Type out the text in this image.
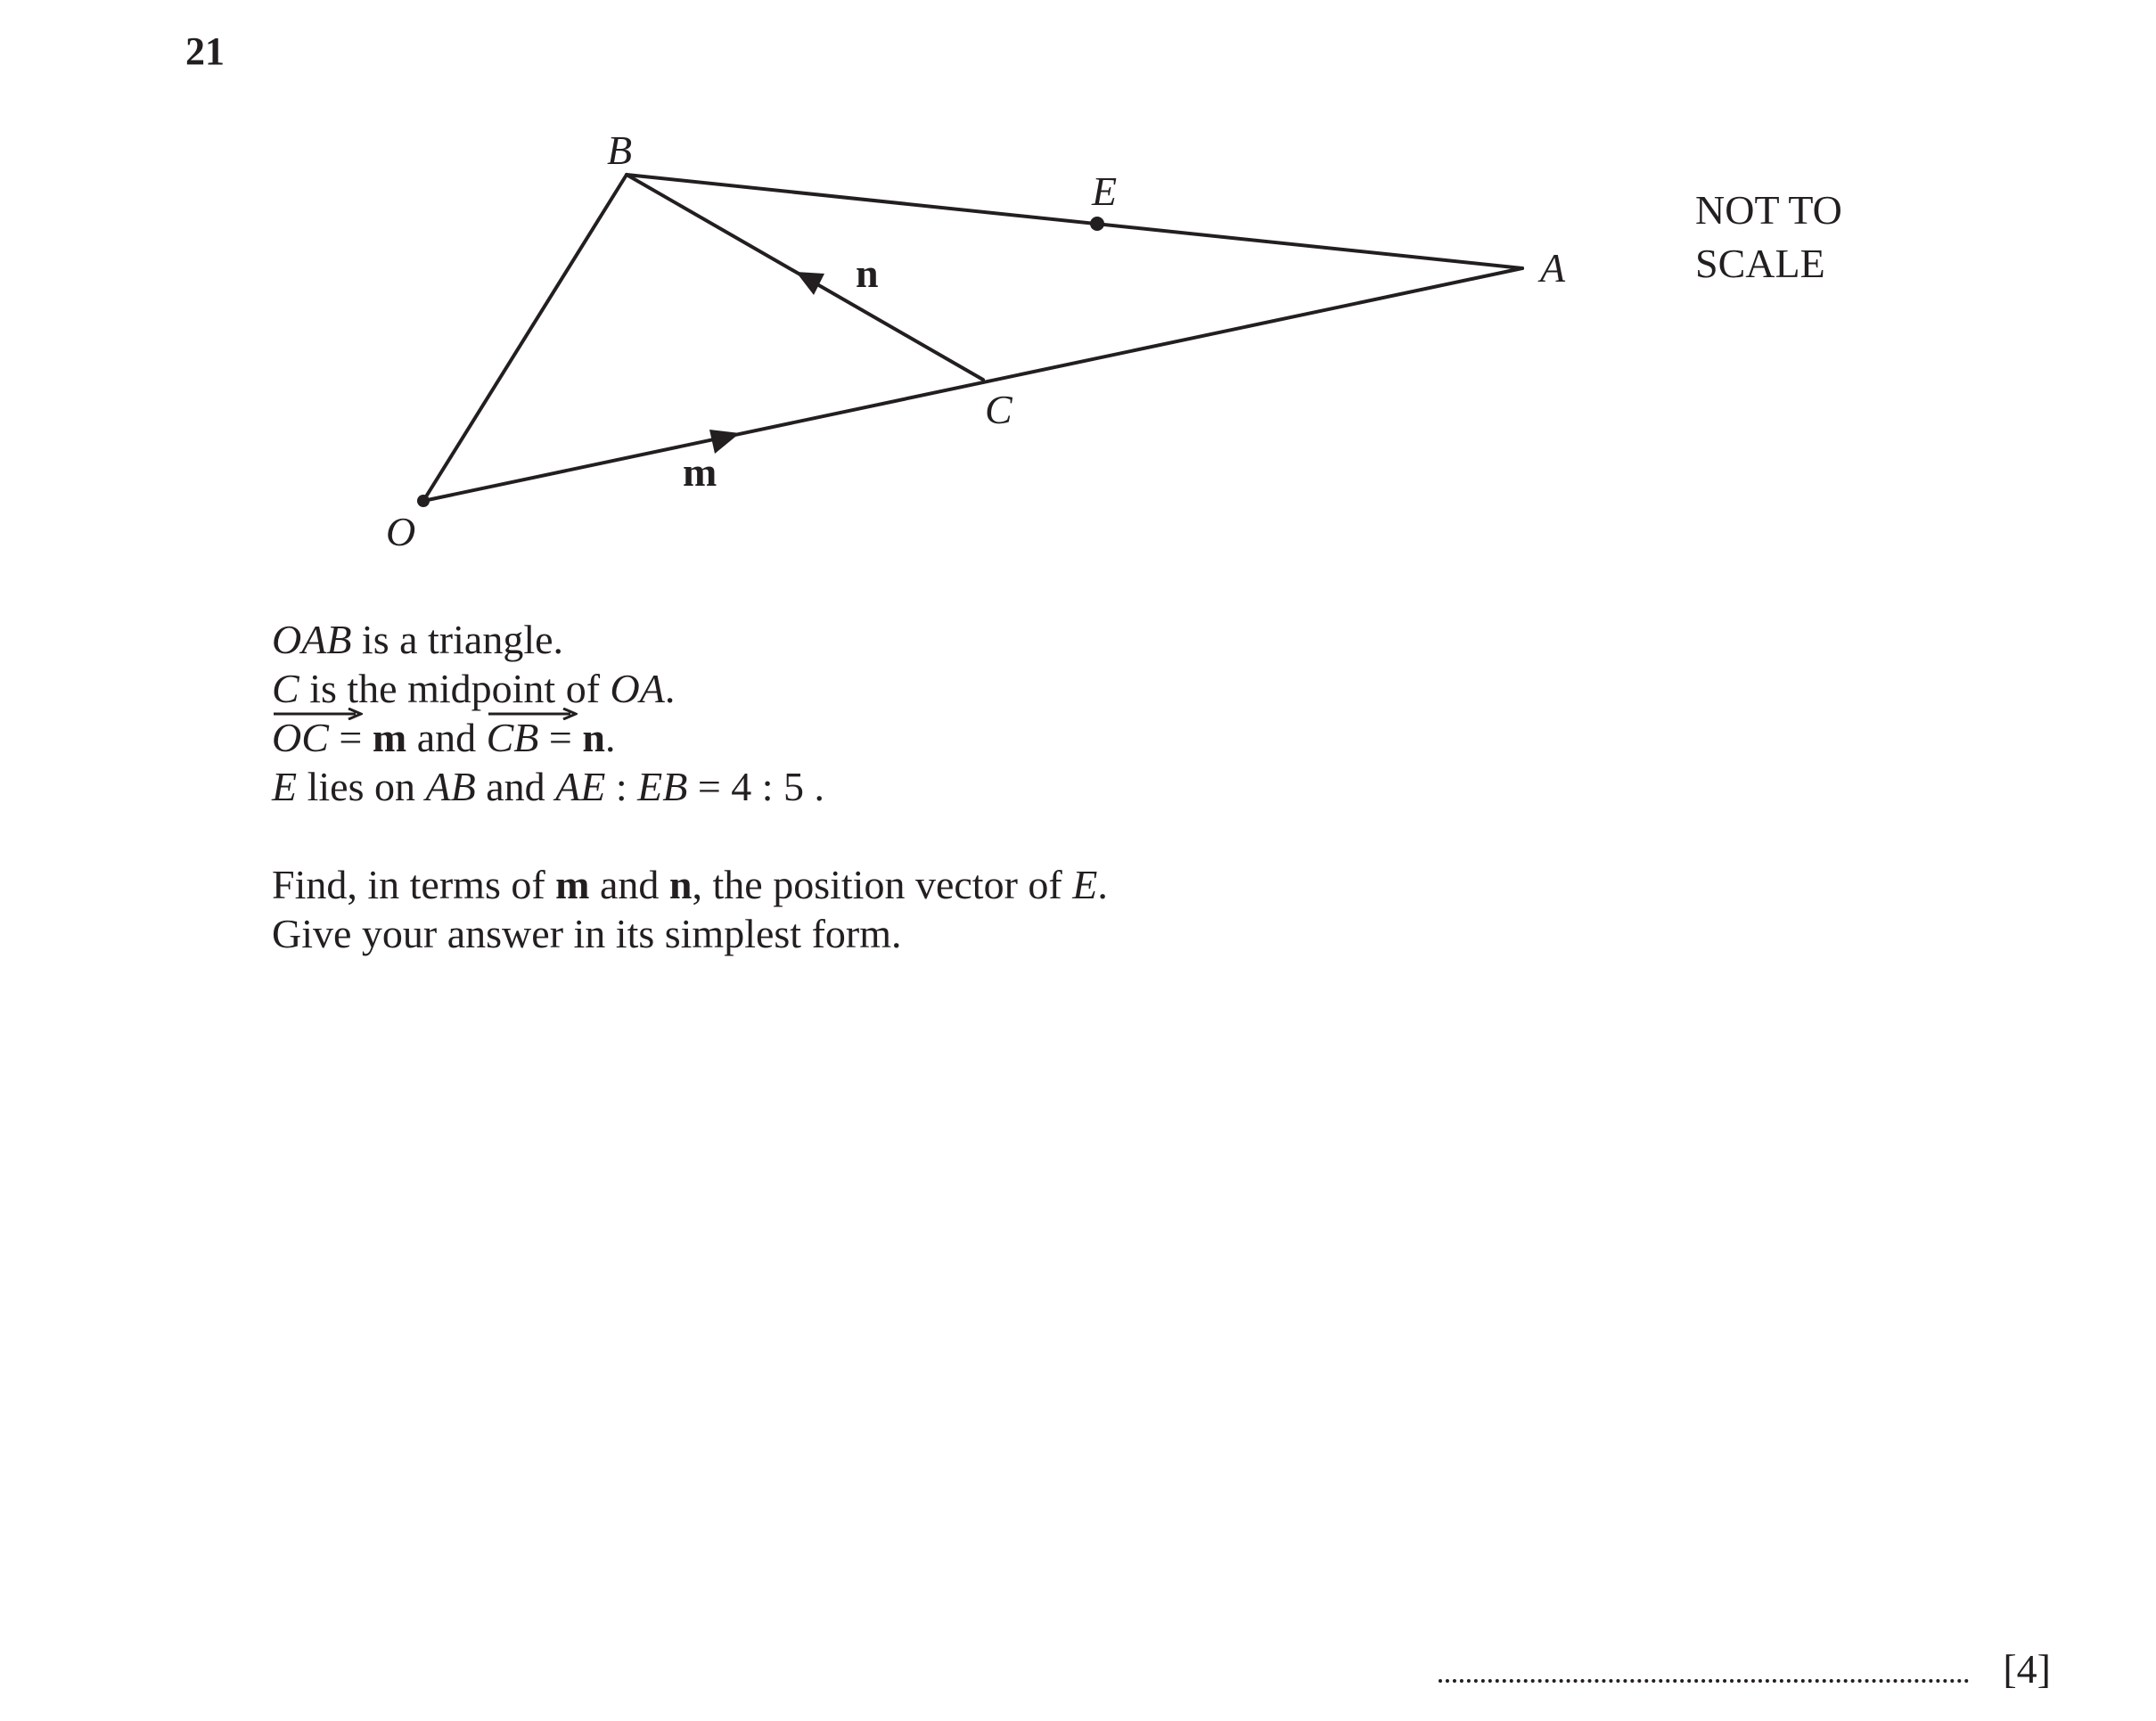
21
O
B
E
A
C
n
m
NOT TO
SCALE
OAB is a triangle.
C is the midpoint of OA.
OC = m and
CB = n.
E lies on AB and AE : EB = 4 : 5 .
Find, in terms of m and n, the position vector of E.
Give your answer in its simplest form.
[4]
